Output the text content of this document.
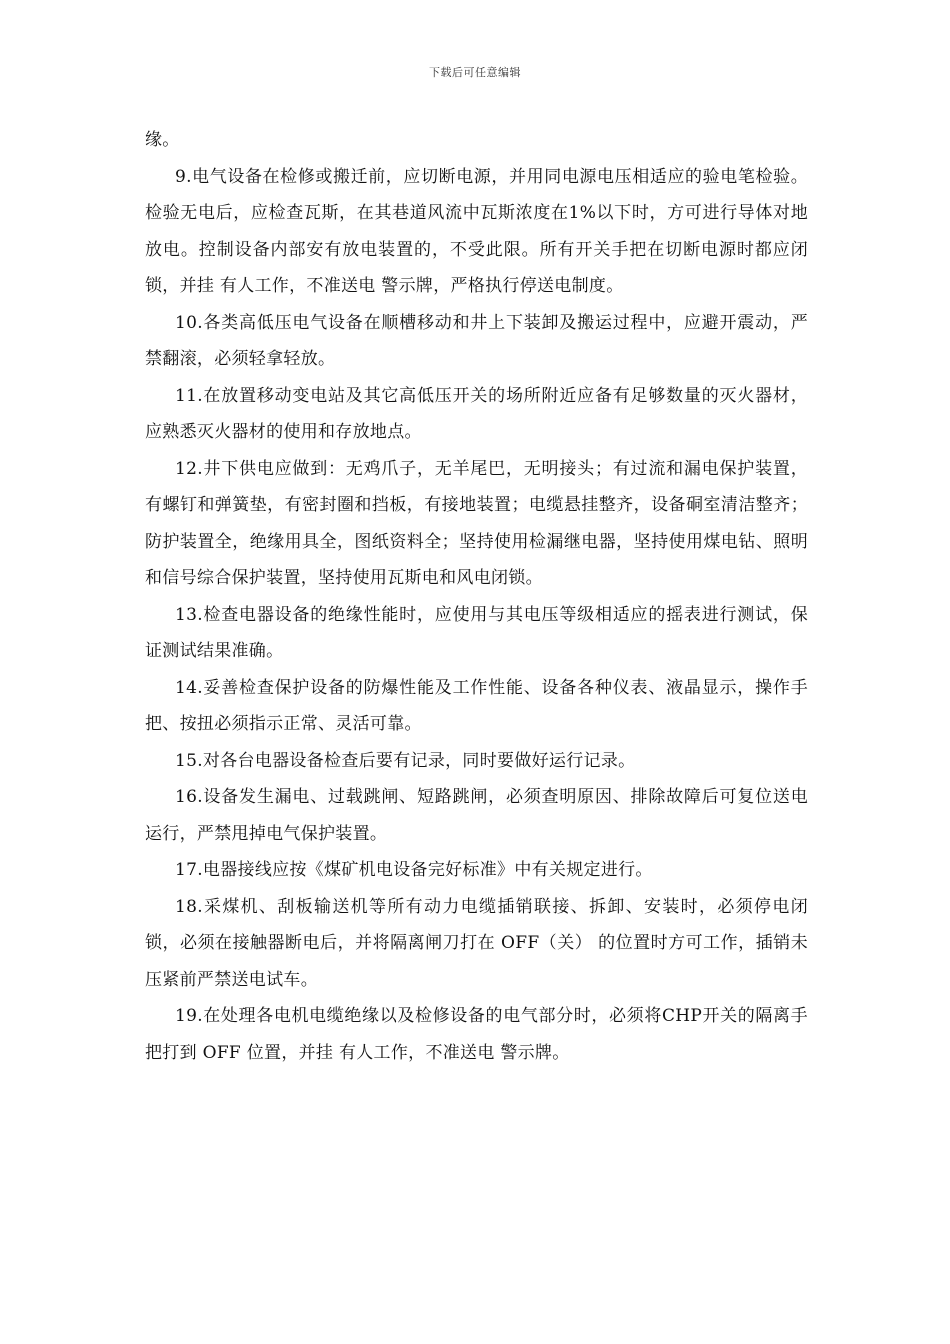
下载后可任意编辑

缘。

9.电气设备在检修或搬迁前，应切断电源，并用同电源电压相适应的验电笔检验。检验无电后，应检查瓦斯，在其巷道风流中瓦斯浓度在1%以下时，方可进行导体对地放电。控制设备内部安有放电装置的，不受此限。所有开关手把在切断电源时都应闭锁，并挂 有人工作，不准送电 警示牌，严格执行停送电制度。

10.各类高低压电气设备在顺槽移动和井上下装卸及搬运过程中，应避开震动，严禁翻滚，必须轻拿轻放。

11.在放置移动变电站及其它高低压开关的场所附近应备有足够数量的灭火器材，应熟悉灭火器材的使用和存放地点。

12.井下供电应做到：无鸡爪子，无羊尾巴，无明接头；有过流和漏电保护装置，有螺钉和弹簧垫，有密封圈和挡板，有接地装置；电缆悬挂整齐，设备硐室清洁整齐；防护装置全，绝缘用具全，图纸资料全；坚持使用检漏继电器，坚持使用煤电钻、照明和信号综合保护装置，坚持使用瓦斯电和风电闭锁。

13.检查电器设备的绝缘性能时，应使用与其电压等级相适应的摇表进行测试，保证测试结果准确。

14.妥善检查保护设备的防爆性能及工作性能、设备各种仪表、液晶显示，操作手把、按扭必须指示正常、灵活可靠。

15.对各台电器设备检查后要有记录，同时要做好运行记录。

16.设备发生漏电、过载跳闸、短路跳闸，必须查明原因、排除故障后可复位送电运行，严禁甩掉电气保护装置。

17.电器接线应按《煤矿机电设备完好标准》中有关规定进行。

18.采煤机、刮板输送机等所有动力电缆插销联接、拆卸、安装时，必须停电闭锁，必须在接触器断电后，并将隔离闸刀打在 OFF（关） 的位置时方可工作，插销未压紧前严禁送电试车。

19.在处理各电机电缆绝缘以及检修设备的电气部分时，必须将CHP开关的隔离手把打到 OFF 位置，并挂 有人工作，不准送电 警示牌。
